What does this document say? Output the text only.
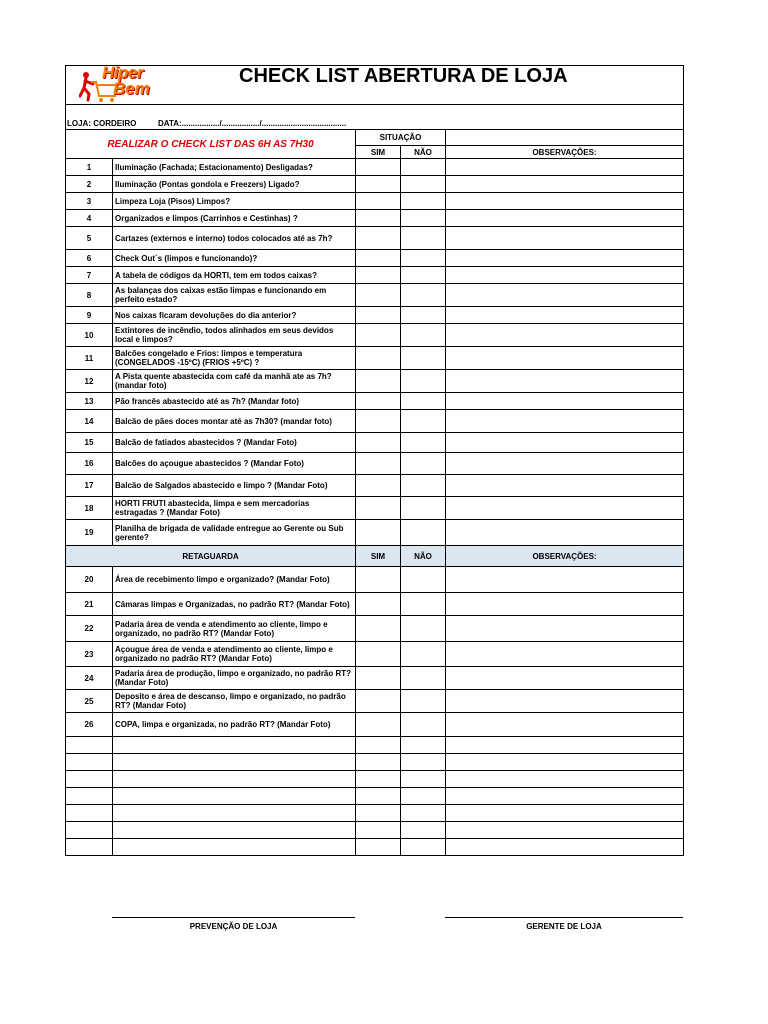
Hiper
Bem
CHECK LIST ABERTURA DE LOJA				

LOJA: CORDEIRO DATA:................./................./......................................				

REALIZAR O CHECK LIST DAS 6H AS 7H30		SITUAÇÃO		
		SIM	NÃO	OBSERVAÇÕES:
1	Iluminação (Fachada; Estacionamento) Desligadas?			
2	Iluminação (Pontas gondola e Freezers) Ligado?			
3	Limpeza Loja (Pisos) Limpos?			
4	Organizados e limpos (Carrinhos e Cestinhas) ?			
5	Cartazes (externos e interno) todos colocados até as 7h?			
6	Check Out´s (limpos e funcionando)?			
7	A tabela de códigos da HORTI, tem em todos caixas?			
8	As balanças dos caixas estão limpas e funcionando em perfeito estado?			
9	Nos caixas ficaram devoluções do dia anterior?			
10	Extintores de incêndio, todos alinhados em seus devidos local e limpos?			
11	Balcões congelado e Frios: limpos e temperatura (CONGELADOS -15ºC) (FRIOS +5ºC) ?			
12	A Pista quente abastecida com café da manhã ate as 7h? (mandar foto)			
13	Pão francês abastecido até as 7h? (Mandar foto)			
14	Balcão de pães doces montar até as 7h30? (mandar foto)			
15	Balcão de fatiados abastecidos ? (Mandar Foto)			
16	Balcões do açougue abastecidos ? (Mandar Foto)			
17	Balcão de Salgados abastecido e limpo ? (Mandar Foto)			
18	HORTI FRUTI abastecida, limpa e sem mercadorias estragadas ? (Mandar Foto)			
19	Planilha de brigada de validade entregue ao Gerente ou Sub gerente?			
RETAGUARDA		SIM	NÃO	OBSERVAÇÕES:
20	Área de recebimento limpo e organizado? (Mandar Foto)			
21	Câmaras limpas e Organizadas, no padrão RT? (Mandar Foto)			
22	Padaria área de venda e atendimento ao cliente, limpo e organizado, no padrão RT? (Mandar Foto)			
23	Açougue área de venda e atendimento ao cliente, limpo e organizado no padrão RT? (Mandar Foto)			
24	Padaria área de produção, limpo e organizado, no padrão RT? (Mandar Foto)			
25	Deposito e área de descanso, limpo e organizado, no padrão RT? (Mandar Foto)			
26	COPA, limpa e organizada, no padrão RT? (Mandar Foto)			

PREVENÇÃO DE LOJA	GERENTE DE LOJA
